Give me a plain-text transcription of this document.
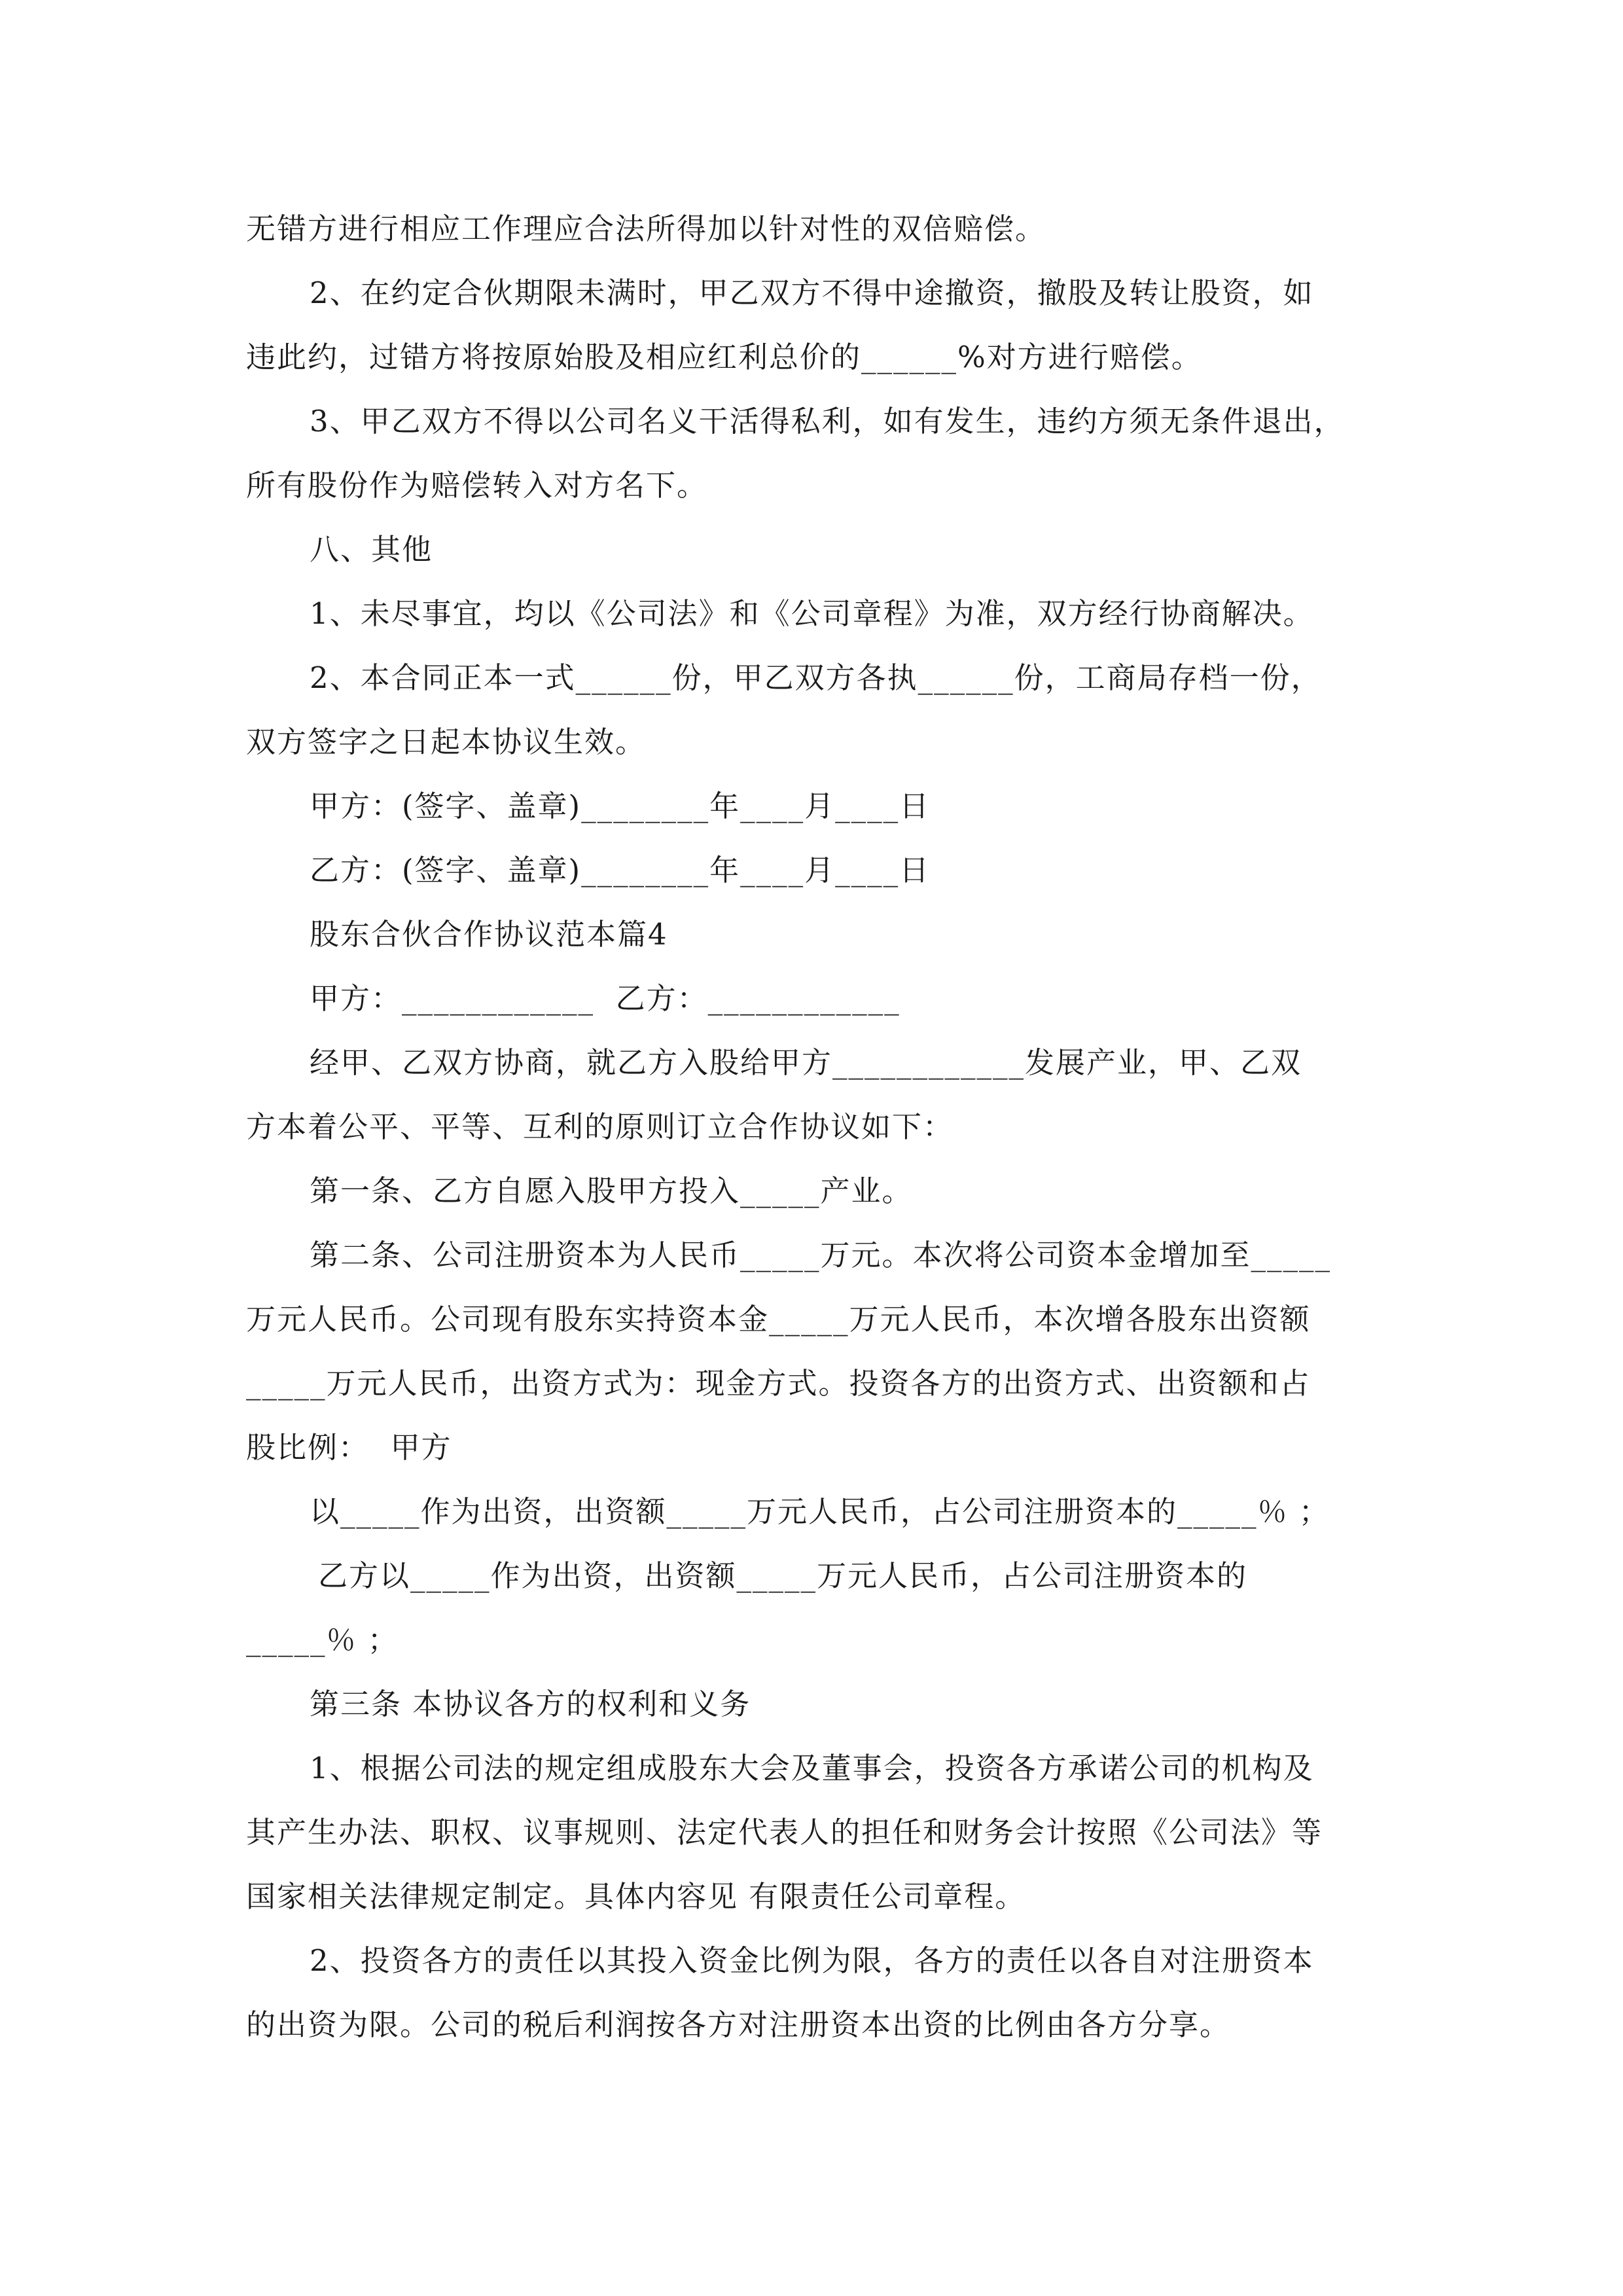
无错方进行相应工作理应合法所得加以针对性的双倍赔偿。
2、在约定合伙期限未满时，甲乙双方不得中途撤资，撤股及转让股资，如
违此约，过错方将按原始股及相应红利总价的______%对方进行赔偿。
3、甲乙双方不得以公司名义干活得私利，如有发生，违约方须无条件退出，
所有股份作为赔偿转入对方名下。
八、其他
1、未尽事宜，均以《公司法》和《公司章程》为准，双方经行协商解决。
2、本合同正本一式______份，甲乙双方各执______份，工商局存档一份，
双方签字之日起本协议生效。
甲方：(签字、盖章)________年____月____日
乙方：(签字、盖章)________年____月____日
股东合伙合作协议范本篇4
甲方：____________  乙方：____________
经甲、乙双方协商，就乙方入股给甲方____________发展产业，甲、乙双
方本着公平、平等、互利的原则订立合作协议如下：
第一条、乙方自愿入股甲方投入_____产业。
第二条、公司注册资本为人民币_____万元。本次将公司资本金增加至_____
万元人民币。公司现有股东实持资本金_____万元人民币，本次增各股东出资额
_____万元人民币，出资方式为：现金方式。投资各方的出资方式、出资额和占
股比例：  甲方
以_____作为出资，出资额_____万元人民币，占公司注册资本的_____％ ；
乙方以_____作为出资，出资额_____万元人民币，占公司注册资本的
_____％ ；
第三条 本协议各方的权利和义务
1、根据公司法的规定组成股东大会及董事会，投资各方承诺公司的机构及
其产生办法、职权、议事规则、法定代表人的担任和财务会计按照《公司法》等
国家相关法律规定制定。具体内容见 有限责任公司章程。
2、投资各方的责任以其投入资金比例为限，各方的责任以各自对注册资本
的出资为限。公司的税后利润按各方对注册资本出资的比例由各方分享。
